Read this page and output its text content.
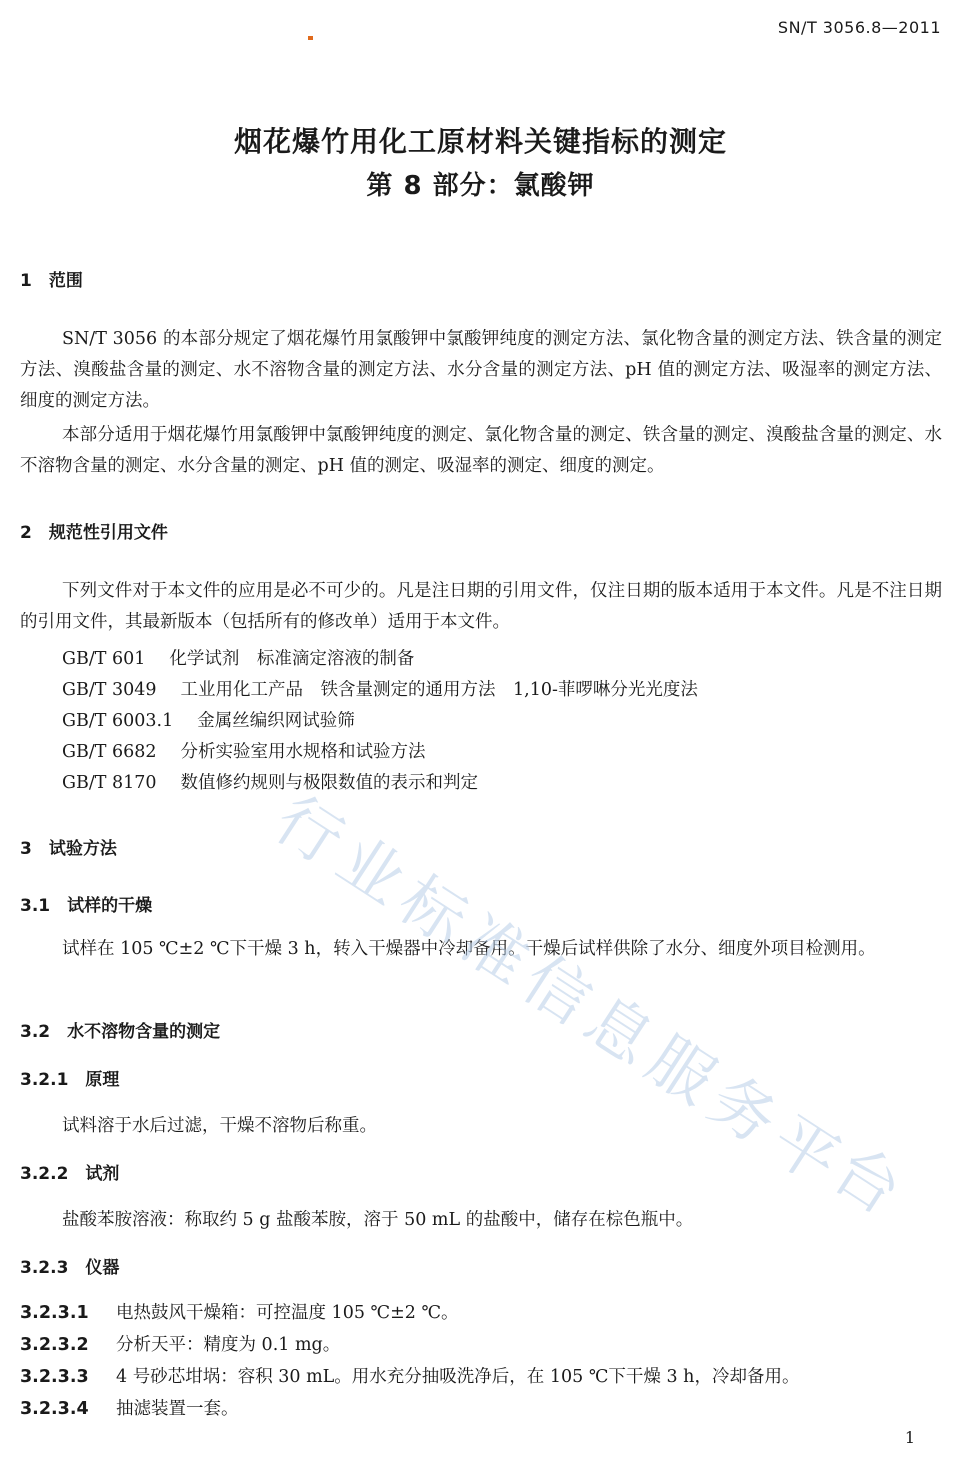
SN/T 3056.8—2011
烟花爆竹用化工原材料关键指标的测定
第 8 部分：氯酸钾
1　范围
SN/T 3056 的本部分规定了烟花爆竹用氯酸钾中氯酸钾纯度的测定方法、氯化物含量的测定方法、铁含量的测定方法、溴酸盐含量的测定、水不溶物含量的测定方法、水分含量的测定方法、pH 值的测定方法、吸湿率的测定方法、细度的测定方法。
本部分适用于烟花爆竹用氯酸钾中氯酸钾纯度的测定、氯化物含量的测定、铁含量的测定、溴酸盐含量的测定、水不溶物含量的测定、水分含量的测定、pH 值的测定、吸湿率的测定、细度的测定。
2　规范性引用文件
下列文件对于本文件的应用是必不可少的。凡是注日期的引用文件，仅注日期的版本适用于本文件。凡是不注日期的引用文件，其最新版本（包括所有的修改单）适用于本文件。
GB/T 601 化学试剂　标准滴定溶液的制备
GB/T 3049 工业用化工产品　铁含量测定的通用方法　1,10-菲啰啉分光光度法
GB/T 6003.1 金属丝编织网试验筛
GB/T 6682 分析实验室用水规格和试验方法
GB/T 8170 数值修约规则与极限数值的表示和判定
3　试验方法
3.1　试样的干燥
试样在 105 ℃±2 ℃下干燥 3 h，转入干燥器中冷却备用。干燥后试样供除了水分、细度外项目检测用。
3.2　水不溶物含量的测定
3.2.1　原理
试料溶于水后过滤，干燥不溶物后称重。
3.2.2　试剂
盐酸苯胺溶液：称取约 5 g 盐酸苯胺，溶于 50 mL 的盐酸中，储存在棕色瓶中。
3.2.3　仪器
3.2.3.1 电热鼓风干燥箱：可控温度 105 ℃±2 ℃。
3.2.3.2 分析天平：精度为 0.1 mg。
3.2.3.3 4 号砂芯坩埚：容积 30 mL。用水充分抽吸洗净后，在 105 ℃下干燥 3 h，冷却备用。
3.2.3.4 抽滤装置一套。
行
业
标
准
信
息
服
务
平
台
1
